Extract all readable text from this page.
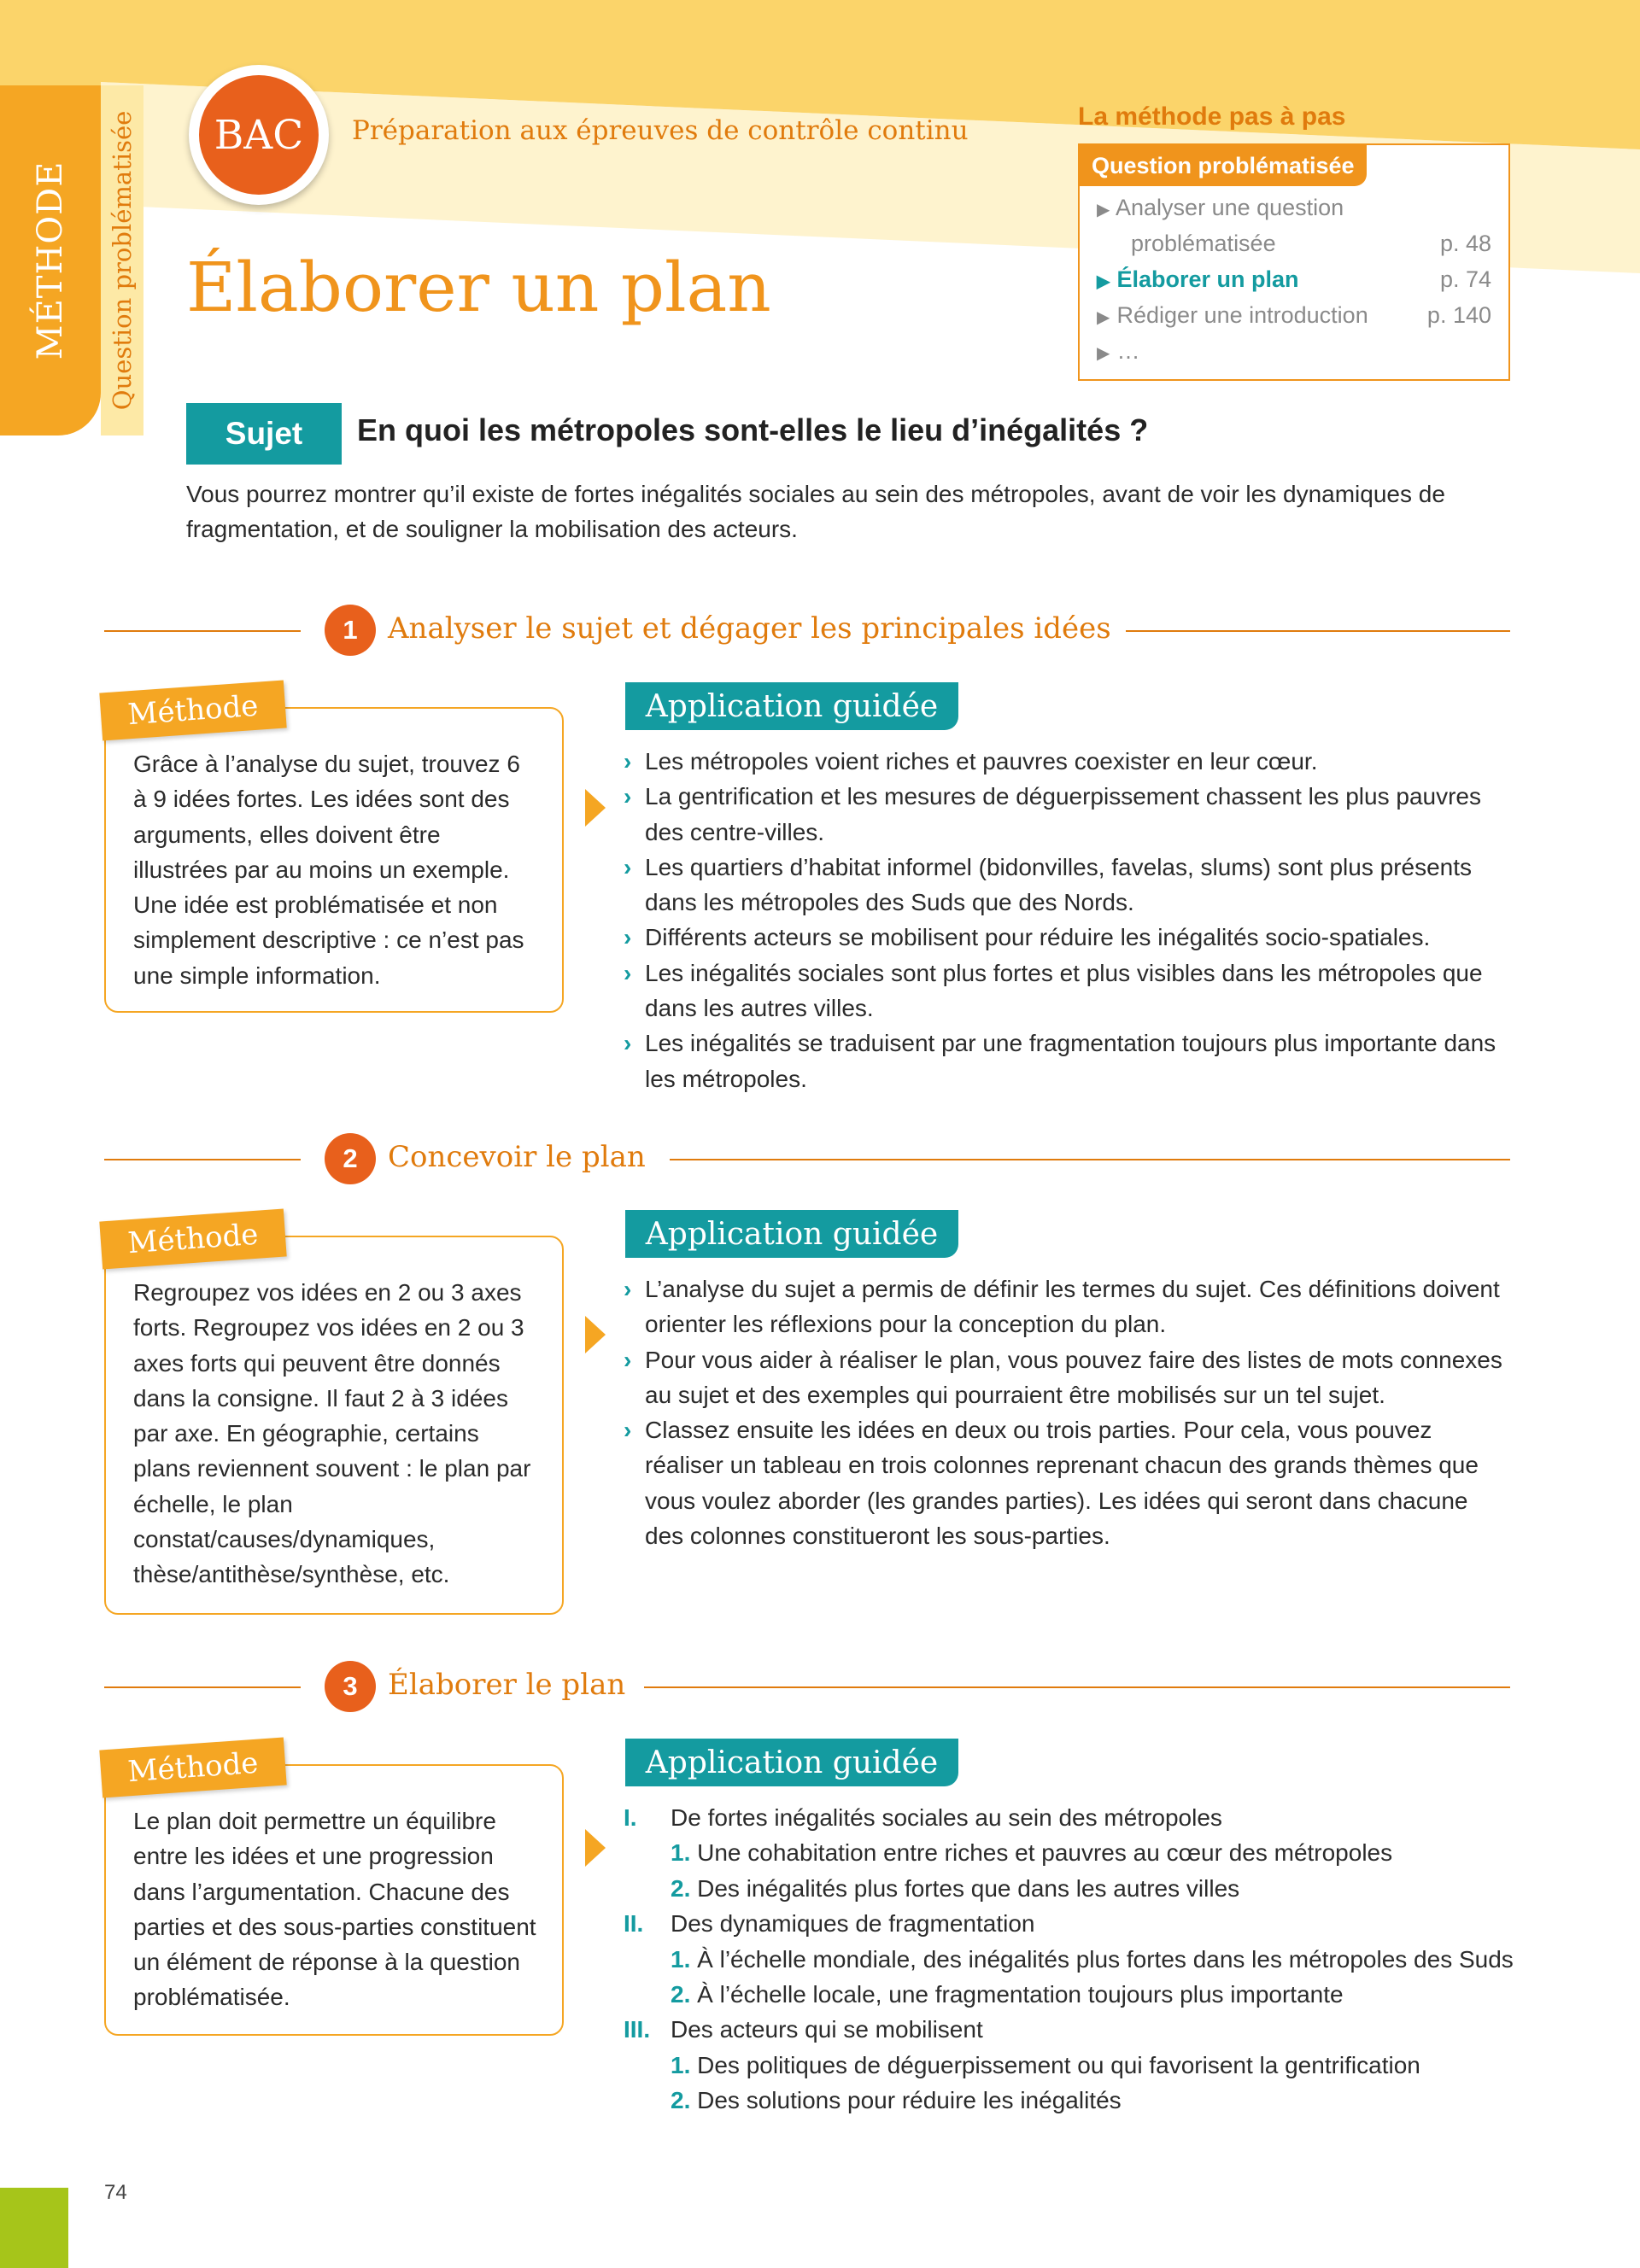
MÉTHODE Question problématisée	BAC	Préparation aux épreuves de contrôle continu
Élaborer un plan
La méthode pas à pas
Question problématisée
▶ Analyser une question
problématisée	p. 48
▶ Élaborer un plan	p. 74
▶ Rédiger une introduction	p. 140
▶ …
Sujet	En quoi les métropoles sont-elles le lieu d’inégalités ?

Vous pourrez montrer qu’il existe de fortes inégalités sociales au sein des métropoles, avant de voir les dynamiques de fragmentation, et de souligner la mobilisation des acteurs.

1	Analyser le sujet et dégager les principales idées

Grâce à l’analyse du sujet, trouvez 6 à 9 idées fortes. Les idées sont des arguments, elles doivent être illustrées par au moins un exemple. Une idée est problématisée et non simplement descriptive : ce n’est pas une simple information.

Méthode	Application guidée
› Les métropoles voient riches et pauvres coexister en leur cœur.
› La gentrification et les mesures de déguerpissement chassent les plus pauvres des centre-villes.
› Les quartiers d’habitat informel (bidonvilles, favelas, slums) sont plus présents dans les métropoles des Suds que des Nords.
› Différents acteurs se mobilisent pour réduire les inégalités socio-spatiales.
› Les inégalités sociales sont plus fortes et plus visibles dans les métropoles que dans les autres villes.
› Les inégalités se traduisent par une fragmentation toujours plus importante dans les métropoles.
2	Concevoir le plan

Regroupez vos idées en 2 ou 3 axes forts. Regroupez vos idées en 2 ou 3 axes forts qui peuvent être donnés dans la consigne. Il faut 2 à 3 idées par axe. En géographie, certains plans reviennent souvent : le plan par échelle, le plan constat/causes/dynamiques, thèse/antithèse/synthèse, etc.

Méthode	Application guidée
› L’analyse du sujet a permis de définir les termes du sujet. Ces définitions doivent orienter les réflexions pour la conception du plan.
› Pour vous aider à réaliser le plan, vous pouvez faire des listes de mots connexes au sujet et des exemples qui pourraient être mobilisés sur un tel sujet.
› Classez ensuite les idées en deux ou trois parties. Pour cela, vous pouvez réaliser un tableau en trois colonnes reprenant chacun des grands thèmes que vous voulez aborder (les grandes parties). Les idées qui seront dans chacune des colonnes constitueront les sous-parties.
3	Élaborer le plan

Le plan doit permettre un équilibre entre les idées et une progression dans l’argumentation. Chacune des parties et des sous-parties constituent un élément de réponse à la question problématisée.

Méthode	Application guidée
I. De fortes inégalités sociales au sein des métropoles
1. Une cohabitation entre riches et pauvres au cœur des métropoles
2. Des inégalités plus fortes que dans les autres villes
II. Des dynamiques de fragmentation
1. À l’échelle mondiale, des inégalités plus fortes dans les métropoles des Suds
2. À l’échelle locale, une fragmentation toujours plus importante
III. Des acteurs qui se mobilisent
1. Des politiques de déguerpissement ou qui favorisent la gentrification
2. Des solutions pour réduire les inégalités
74
